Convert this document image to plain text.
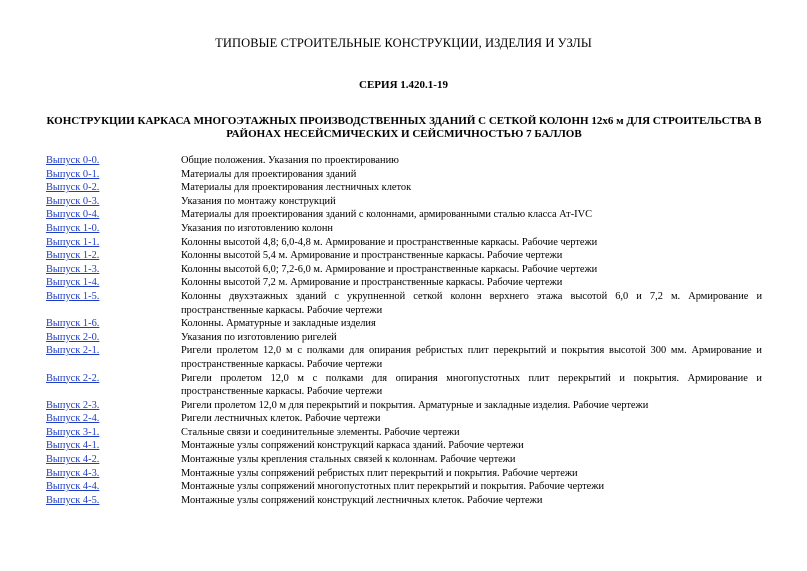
ТИПОВЫЕ СТРОИТЕЛЬНЫЕ КОНСТРУКЦИИ, ИЗДЕЛИЯ И УЗЛЫ
СЕРИЯ 1.420.1-19
КОНСТРУКЦИИ КАРКАСА МНОГОЭТАЖНЫХ ПРОИЗВОДСТВЕННЫХ ЗДАНИЙ С СЕТКОЙ КОЛОНН 12х6 м ДЛЯ СТРОИТЕЛЬСТВА В РАЙОНАХ НЕСЕЙСМИЧЕСКИХ И СЕЙСМИЧНОСТЬЮ 7 БАЛЛОВ
Выпуск 0-0.	Общие положения. Указания по проектированию
Выпуск 0-1.	Материалы для проектирования зданий
Выпуск 0-2.	Материалы для проектирования лестничных клеток
Выпуск 0-3.	Указания по монтажу конструкций
Выпуск 0-4.	Материалы для проектирования зданий с колоннами, армированными сталью класса Ат-IVC
Выпуск 1-0.	Указания по изготовлению колонн
Выпуск 1-1.	Колонны высотой 4,8; 6,0-4,8 м. Армирование и пространственные каркасы. Рабочие чертежи
Выпуск 1-2.	Колонны высотой 5,4 м. Армирование и пространственные каркасы. Рабочие чертежи
Выпуск 1-3.	Колонны высотой 6,0; 7,2-6,0 м. Армирование и пространственные каркасы. Рабочие чертежи
Выпуск 1-4.	Колонны высотой 7,2 м. Армирование и пространственные каркасы. Рабочие чертежи
Выпуск 1-5.	Колонны двухэтажных зданий с укрупненной сеткой колонн верхнего этажа высотой 6,0 и 7,2 м. Армирование и пространственные каркасы. Рабочие чертежи
Выпуск 1-6.	Колонны. Арматурные и закладные изделия
Выпуск 2-0.	Указания по изготовлению ригелей
Выпуск 2-1.	Ригели пролетом 12,0 м с полками для опирания ребристых плит перекрытий и покрытия высотой 300 мм. Армирование и пространственные каркасы. Рабочие чертежи
Выпуск 2-2.	Ригели пролетом 12,0 м с полками для опирания многопустотных плит перекрытий и покрытия. Армирование и пространственные каркасы. Рабочие чертежи
Выпуск 2-3.	Ригели пролетом 12,0 м для перекрытий и покрытия. Арматурные и закладные изделия. Рабочие чертежи
Выпуск 2-4.	Ригели лестничных клеток. Рабочие чертежи
Выпуск 3-1.	Стальные связи и соединительные элементы. Рабочие чертежи
Выпуск 4-1.	Монтажные узлы сопряжений конструкций каркаса зданий. Рабочие чертежи
Выпуск 4-2.	Монтажные узлы крепления стальных связей к колоннам. Рабочие чертежи
Выпуск 4-3.	Монтажные узлы сопряжений ребристых плит перекрытий и покрытия. Рабочие чертежи
Выпуск 4-4.	Монтажные узлы сопряжений многопустотных плит перекрытий и покрытия. Рабочие чертежи
Выпуск 4-5.	Монтажные узлы сопряжений конструкций лестничных клеток. Рабочие чертежи
